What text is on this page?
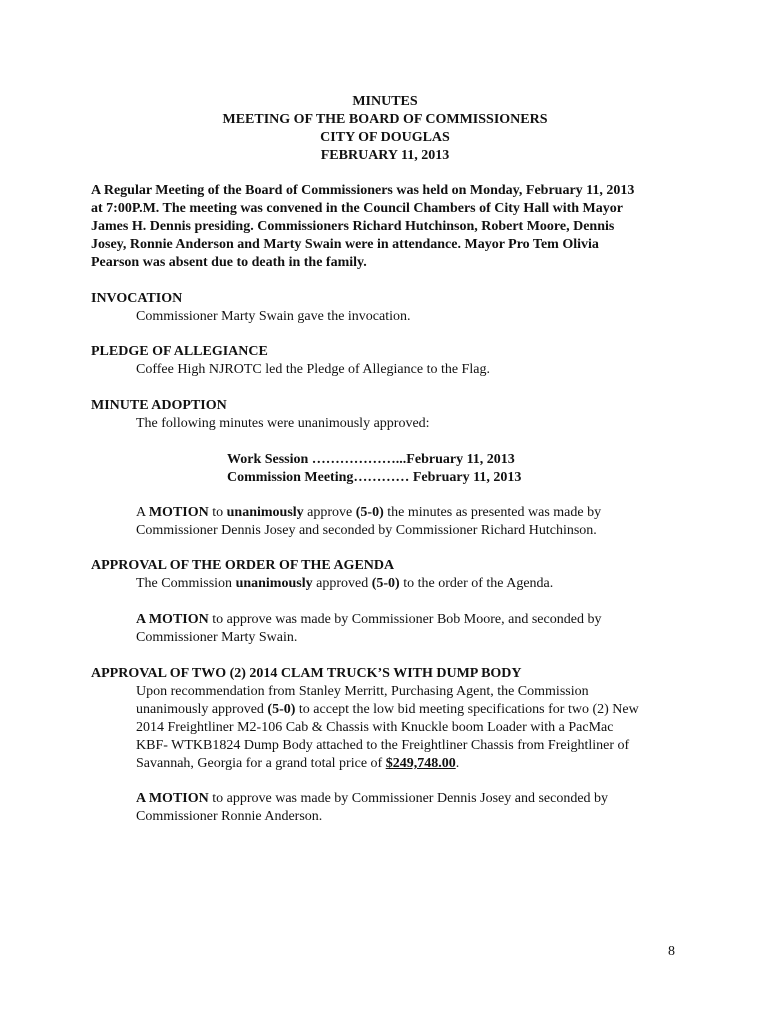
MINUTES
MEETING OF THE BOARD OF COMMISSIONERS
CITY OF DOUGLAS
FEBRUARY 11, 2013
A Regular Meeting of the Board of Commissioners was held on Monday, February 11, 2013
at 7:00P.M. The meeting was convened in the Council Chambers of City Hall with Mayor
James H. Dennis presiding. Commissioners Richard Hutchinson, Robert Moore, Dennis
Josey, Ronnie Anderson and Marty Swain were in attendance. Mayor Pro Tem Olivia
Pearson was absent due to death in the family.
INVOCATION
Commissioner Marty Swain gave the invocation.
PLEDGE OF ALLEGIANCE
Coffee High NJROTC led the Pledge of Allegiance to the Flag.
MINUTE ADOPTION
The following minutes were unanimously approved:
Work Session ………………...February 11, 2013
Commission Meeting………… February 11, 2013
A MOTION to unanimously approve (5-0) the minutes as presented was made by
Commissioner Dennis Josey and seconded by Commissioner Richard Hutchinson.
APPROVAL OF THE ORDER OF THE AGENDA
The Commission unanimously approved (5-0) to the order of the Agenda.
A MOTION to approve was made by Commissioner Bob Moore, and seconded by
Commissioner Marty Swain.
APPROVAL OF TWO (2) 2014 CLAM TRUCK’S WITH DUMP BODY
Upon recommendation from Stanley Merritt, Purchasing Agent, the Commission
unanimously approved (5-0) to accept the low bid meeting specifications for two (2) New
2014 Freightliner M2-106 Cab & Chassis with Knuckle boom Loader with a PacMac
KBF- WTKB1824 Dump Body attached to the Freightliner Chassis from Freightliner of
Savannah, Georgia for a grand total price of $249,748.00.
A MOTION to approve was made by Commissioner Dennis Josey and seconded by
Commissioner Ronnie Anderson.
8
